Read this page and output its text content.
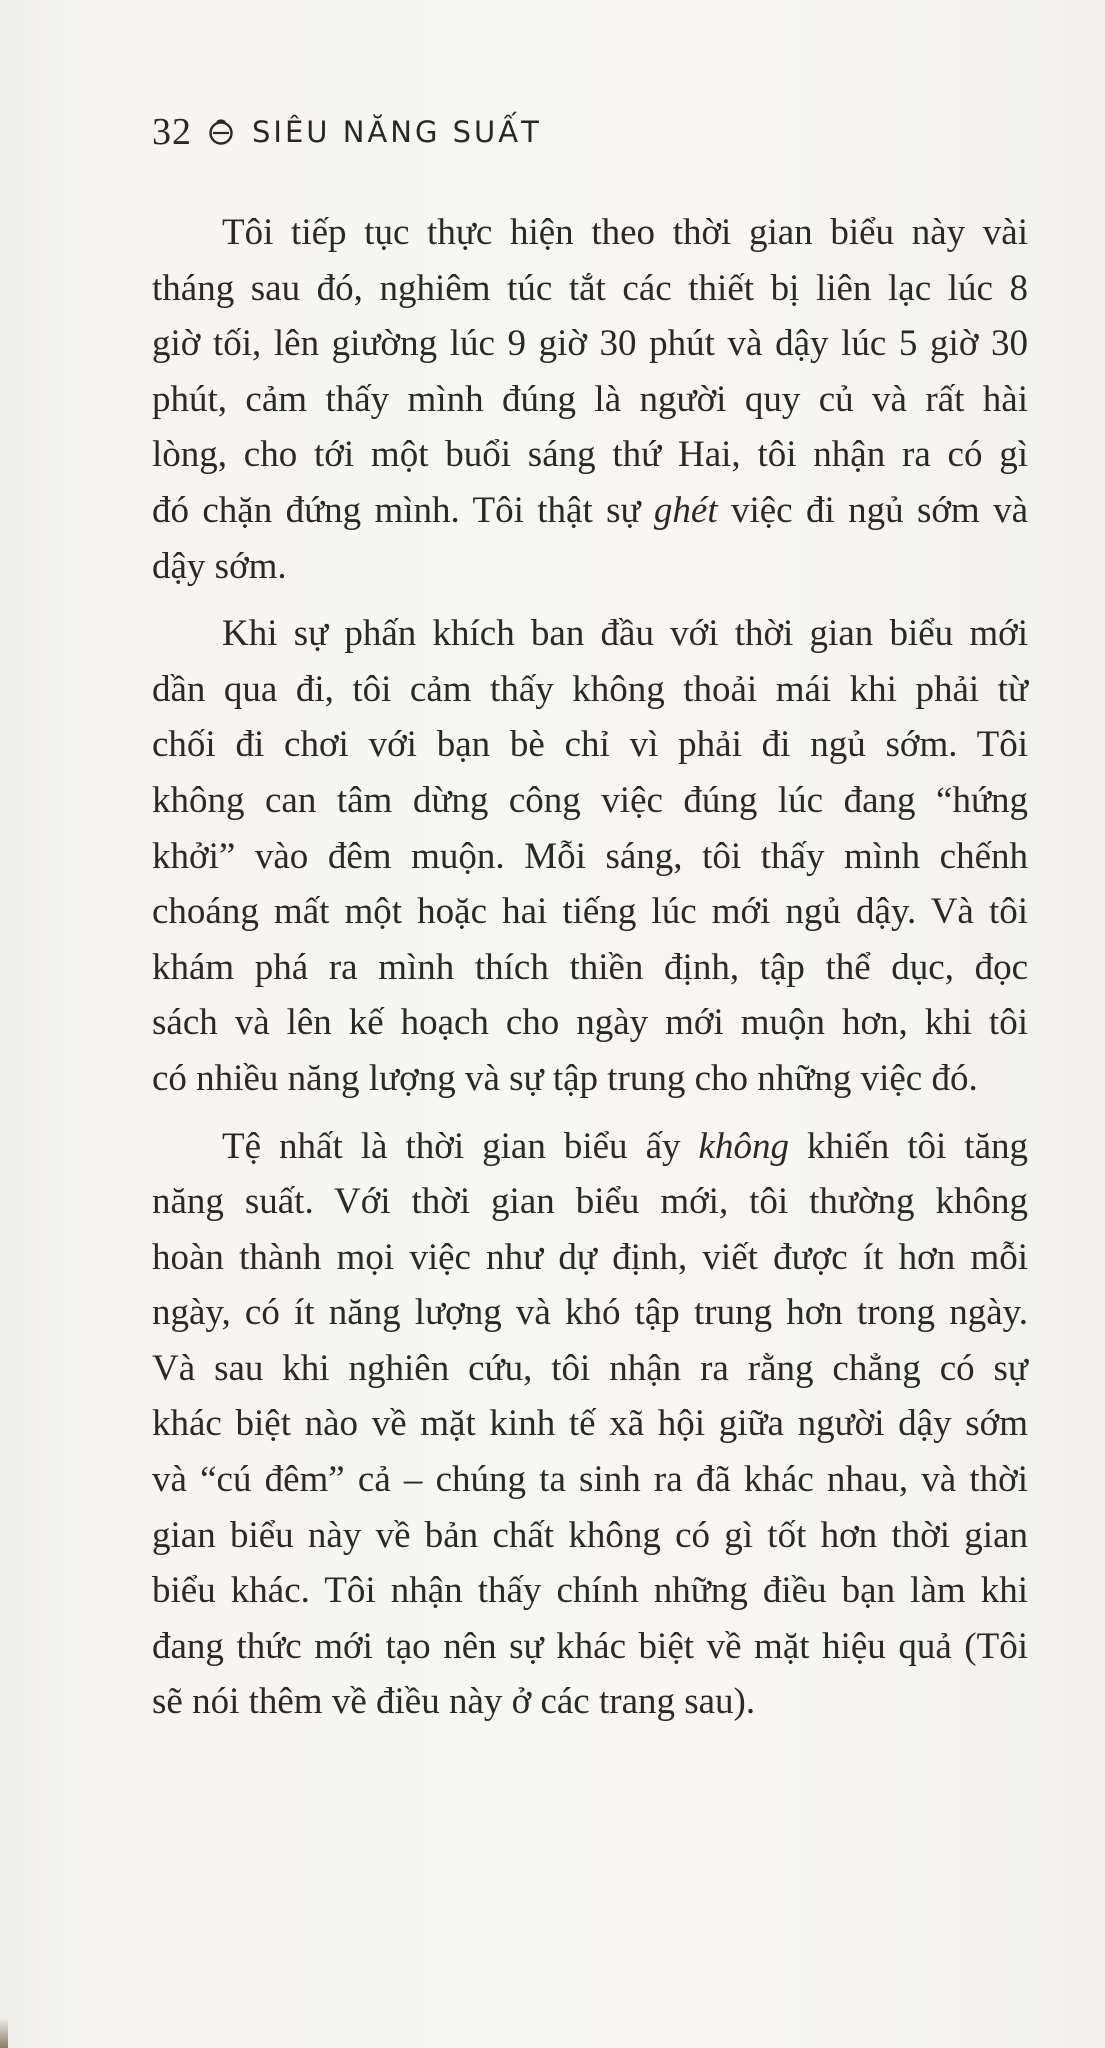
32 SIÊU NĂNG SUẤT
Tôi tiếp tục thực hiện theo thời gian biểu này vài
tháng sau đó, nghiêm túc tắt các thiết bị liên lạc lúc 8
giờ tối, lên giường lúc 9 giờ 30 phút và dậy lúc 5 giờ 30
phút, cảm thấy mình đúng là người quy củ và rất hài
lòng, cho tới một buổi sáng thứ Hai, tôi nhận ra có gì
đó chặn đứng mình. Tôi thật sự ghét việc đi ngủ sớm và
dậy sớm.
Khi sự phấn khích ban đầu với thời gian biểu mới
dần qua đi, tôi cảm thấy không thoải mái khi phải từ
chối đi chơi với bạn bè chỉ vì phải đi ngủ sớm. Tôi
không can tâm dừng công việc đúng lúc đang “hứng
khởi” vào đêm muộn. Mỗi sáng, tôi thấy mình chếnh
choáng mất một hoặc hai tiếng lúc mới ngủ dậy. Và tôi
khám phá ra mình thích thiền định, tập thể dục, đọc
sách và lên kế hoạch cho ngày mới muộn hơn, khi tôi
có nhiều năng lượng và sự tập trung cho những việc đó.
Tệ nhất là thời gian biểu ấy không khiến tôi tăng
năng suất. Với thời gian biểu mới, tôi thường không
hoàn thành mọi việc như dự định, viết được ít hơn mỗi
ngày, có ít năng lượng và khó tập trung hơn trong ngày.
Và sau khi nghiên cứu, tôi nhận ra rằng chẳng có sự
khác biệt nào về mặt kinh tế xã hội giữa người dậy sớm
và “cú đêm” cả – chúng ta sinh ra đã khác nhau, và thời
gian biểu này về bản chất không có gì tốt hơn thời gian
biểu khác. Tôi nhận thấy chính những điều bạn làm khi
đang thức mới tạo nên sự khác biệt về mặt hiệu quả (Tôi
sẽ nói thêm về điều này ở các trang sau).
